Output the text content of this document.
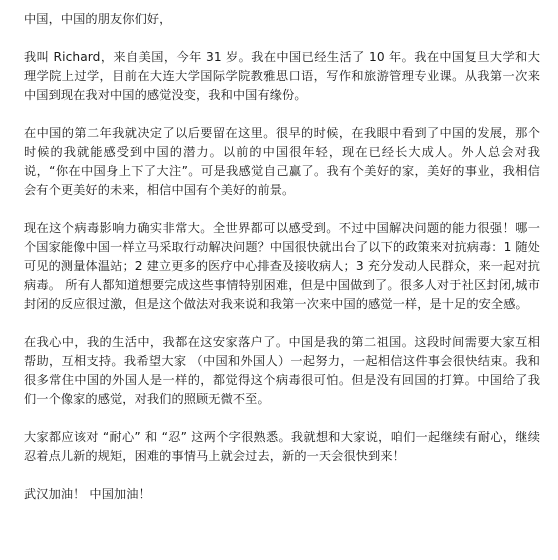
中国，中国的朋友你们好，

我叫 Richard，来自美国，今年 31 岁。我在中国已经生活了 10 年。我在中国复旦大学和大理学院上过学，目前在大连大学国际学院教雅思口语，写作和旅游管理专业课。从我第一次来中国到现在我对中国的感觉没变，我和中国有缘份。

在中国的第二年我就决定了以后要留在这里。很早的时候，在我眼中看到了中国的发展，那个时候的我就能感受到中国的潜力。以前的中国很年轻，现在已经长大成人。外人总会对我说，“你在中国身上下了大注”。可是我感觉自己赢了。我有个美好的家，美好的事业，我相信会有个更美好的未来，相信中国有个美好的前景。

现在这个病毒影响力确实非常大。全世界都可以感受到。不过中国解决问题的能力很强！哪一个国家能像中国一样立马采取行动解决问题？中国很快就出台了以下的政策来对抗病毒：1 随处可见的测量体温站；2 建立更多的医疗中心排查及接收病人；3 充分发动人民群众，来一起对抗病毒。 所有人都知道想要完成这些事情特别困难，但是中国做到了。很多人对于社区封闭,城市封闭的反应很过激，但是这个做法对我来说和我第一次来中国的感觉一样，是十足的安全感。

在我心中，我的生活中，我都在这安家落户了。中国是我的第二祖国。这段时间需要大家互相帮助，互相支持。我希望大家 （中国和外国人）一起努力，一起相信这件事会很快结束。我和很多常住中国的外国人是一样的，都觉得这个病毒很可怕。但是没有回国的打算。中国给了我们一个像家的感觉，对我们的照顾无微不至。

大家都应该对 “耐心” 和 “忍” 这两个字很熟悉。我就想和大家说，咱们一起继续有耐心，继续忍着点儿新的规矩，困难的事情马上就会过去，新的一天会很快到来！

武汉加油！ 中国加油！
